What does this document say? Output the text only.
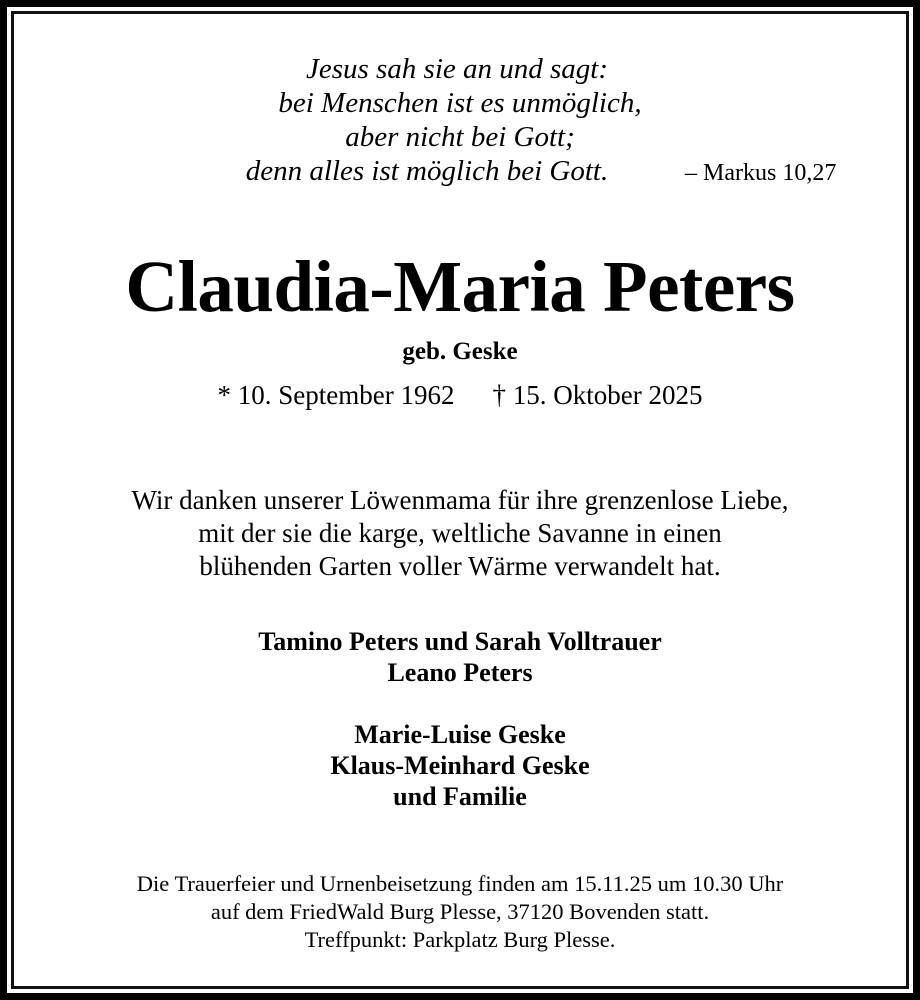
Jesus sah sie an und sagt:
bei Menschen ist es unmöglich,
aber nicht bei Gott;
denn alles ist möglich bei Gott.	– Markus 10,27
Claudia-Maria Peters
geb. Geske
* 10. September 1962 † 15. Oktober 2025
Wir danken unserer Löwenmama für ihre grenzenlose Liebe,
mit der sie die karge, weltliche Savanne in einen
blühenden Garten voller Wärme verwandelt hat.
Tamino Peters und Sarah Volltrauer
Leano Peters
Marie-Luise Geske
Klaus-Meinhard Geske
und Familie
Die Trauerfeier und Urnenbeisetzung finden am 15.11.25 um 10.30 Uhr
auf dem FriedWald Burg Plesse, 37120 Bovenden statt.
Treffpunkt: Parkplatz Burg Plesse.
